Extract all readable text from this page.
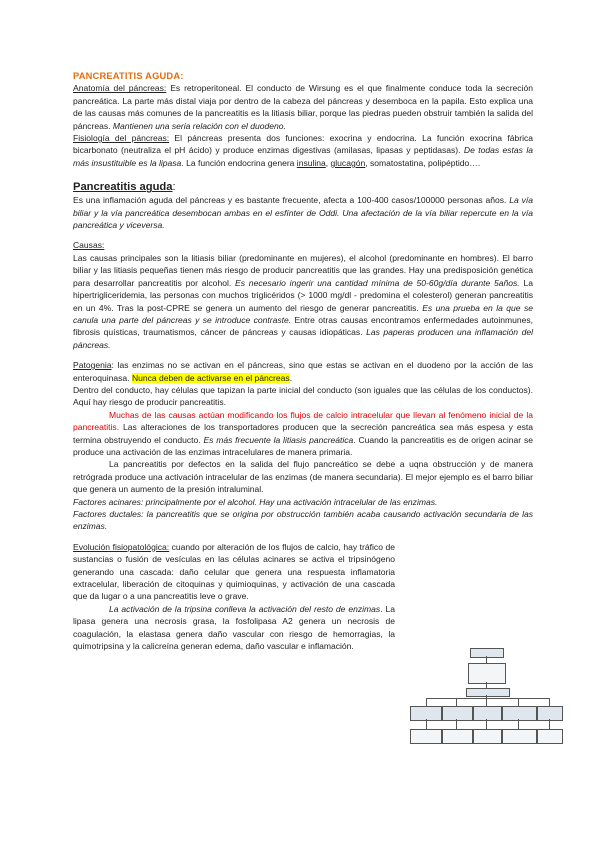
PANCREATITIS AGUDA:

Anatomía del páncreas: Es retroperitoneal. El conducto de Wirsung es el que finalmente conduce toda la secreción pancreática. La parte más distal viaja por dentro de la cabeza del páncreas y desemboca en la papila. Esto explica una de las causas más comunes de la pancreatitis es la litiasis biliar, porque las piedras pueden obstruir también la salida del páncreas. Mantienen una seria relación con el duodeno.

Fisiología del páncreas: El páncreas presenta dos funciones: exocrina y endocrina. La función exocrina fábrica bicarbonato (neutraliza el pH ácido) y produce enzimas digestivas (amilasas, lipasas y peptidasas). De todas estas la más insustituible es la lipasa. La función endocrina genera insulina, glucagón, somatostatina, polipéptido….

Pancreatitis aguda:

Es una inflamación aguda del páncreas y es bastante frecuente, afecta a 100-400 casos/100000 personas años. La vía biliar y la vía pancreática desembocan ambas en el esfínter de Oddi. Una afectación de la vía biliar repercute en la vía pancreática y viceversa.

Causas:

Las causas principales son la litiasis biliar (predominante en mujeres), el alcohol (predominante en hombres). El barro biliar y las litiasis pequeñas tienen más riesgo de producir pancreatitis que las grandes. Hay una predisposición genética para desarrollar pancreatitis por alcohol. Es necesario ingerir una cantidad mínima de 50-60g/día durante 5años. La hipertrigliceridemia, las personas con muchos triglicéridos (> 1000 mg/dl - predomina el colesterol) generan pancreatitis en un 4%. Tras la post-CPRE se genera un aumento del riesgo de generar pancreatitis. Es una prueba en la que se canula una parte del páncreas y se introduce contraste. Entre otras causas encontramos enfermedades autoinmunes, fibrosis quísticas, traumatismos, cáncer de páncreas y causas idiopáticas. Las paperas producen una inflamación del páncreas.

Patogenia: las enzimas no se activan en el páncreas, sino que estas se activan en el duodeno por la acción de las enteroquinasa. Nunca deben de activarse en el páncreas.

Dentro del conducto, hay células que tapizan la parte inicial del conducto (son iguales que las células de los conductos). Aquí hay riesgo de producir pancreatitis.

Muchas de las causas actúan modificando los flujos de calcio intracelular que llevan al fenómeno inicial de la pancreatitis. Las alteraciones de los transportadores producen que la secreción pancreática sea más espesa y esta termina obstruyendo el conducto. Es más frecuente la litiasis pancreática. Cuando la pancreatitis es de origen acinar se produce una activación de las enzimas intracelulares de manera primaria.

La pancreatitis por defectos en la salida del flujo pancreático se debe a uqna obstrucción y de manera retrógrada produce una activación intracelular de las enzimas (de manera secundaria). El mejor ejemplo es el barro biliar que genera un aumento de la presión intraluminal.

Factores acinares: principalmente por el alcohol. Hay una activación intracelular de las enzimas.

Factores ductales: la pancreatitis que se origina por obstrucción también acaba causando activación secundaria de las enzimas.

Evolución fisiopatológica: cuando por alteración de los flujos de calcio, hay tráfico de sustancias o fusión de vesículas en las células acinares se activa el tripsinógeno generando una cascada: daño celular que genera una respuesta inflamatoria extracelular, liberación de citoquinas y quimioquinas, y activación de una cascada que da lugar o a una pancreatitis leve o grave.

La activación de la tripsina conlleva la activación del resto de enzimas. La lipasa genera una necrosis grasa, la fosfolipasa A2 genera un necrosis de coagulación, la elastasa genera daño vascular con riesgo de hemorragias, la quimotripsina y la calicreína generan edema, daño vascular e inflamación.
